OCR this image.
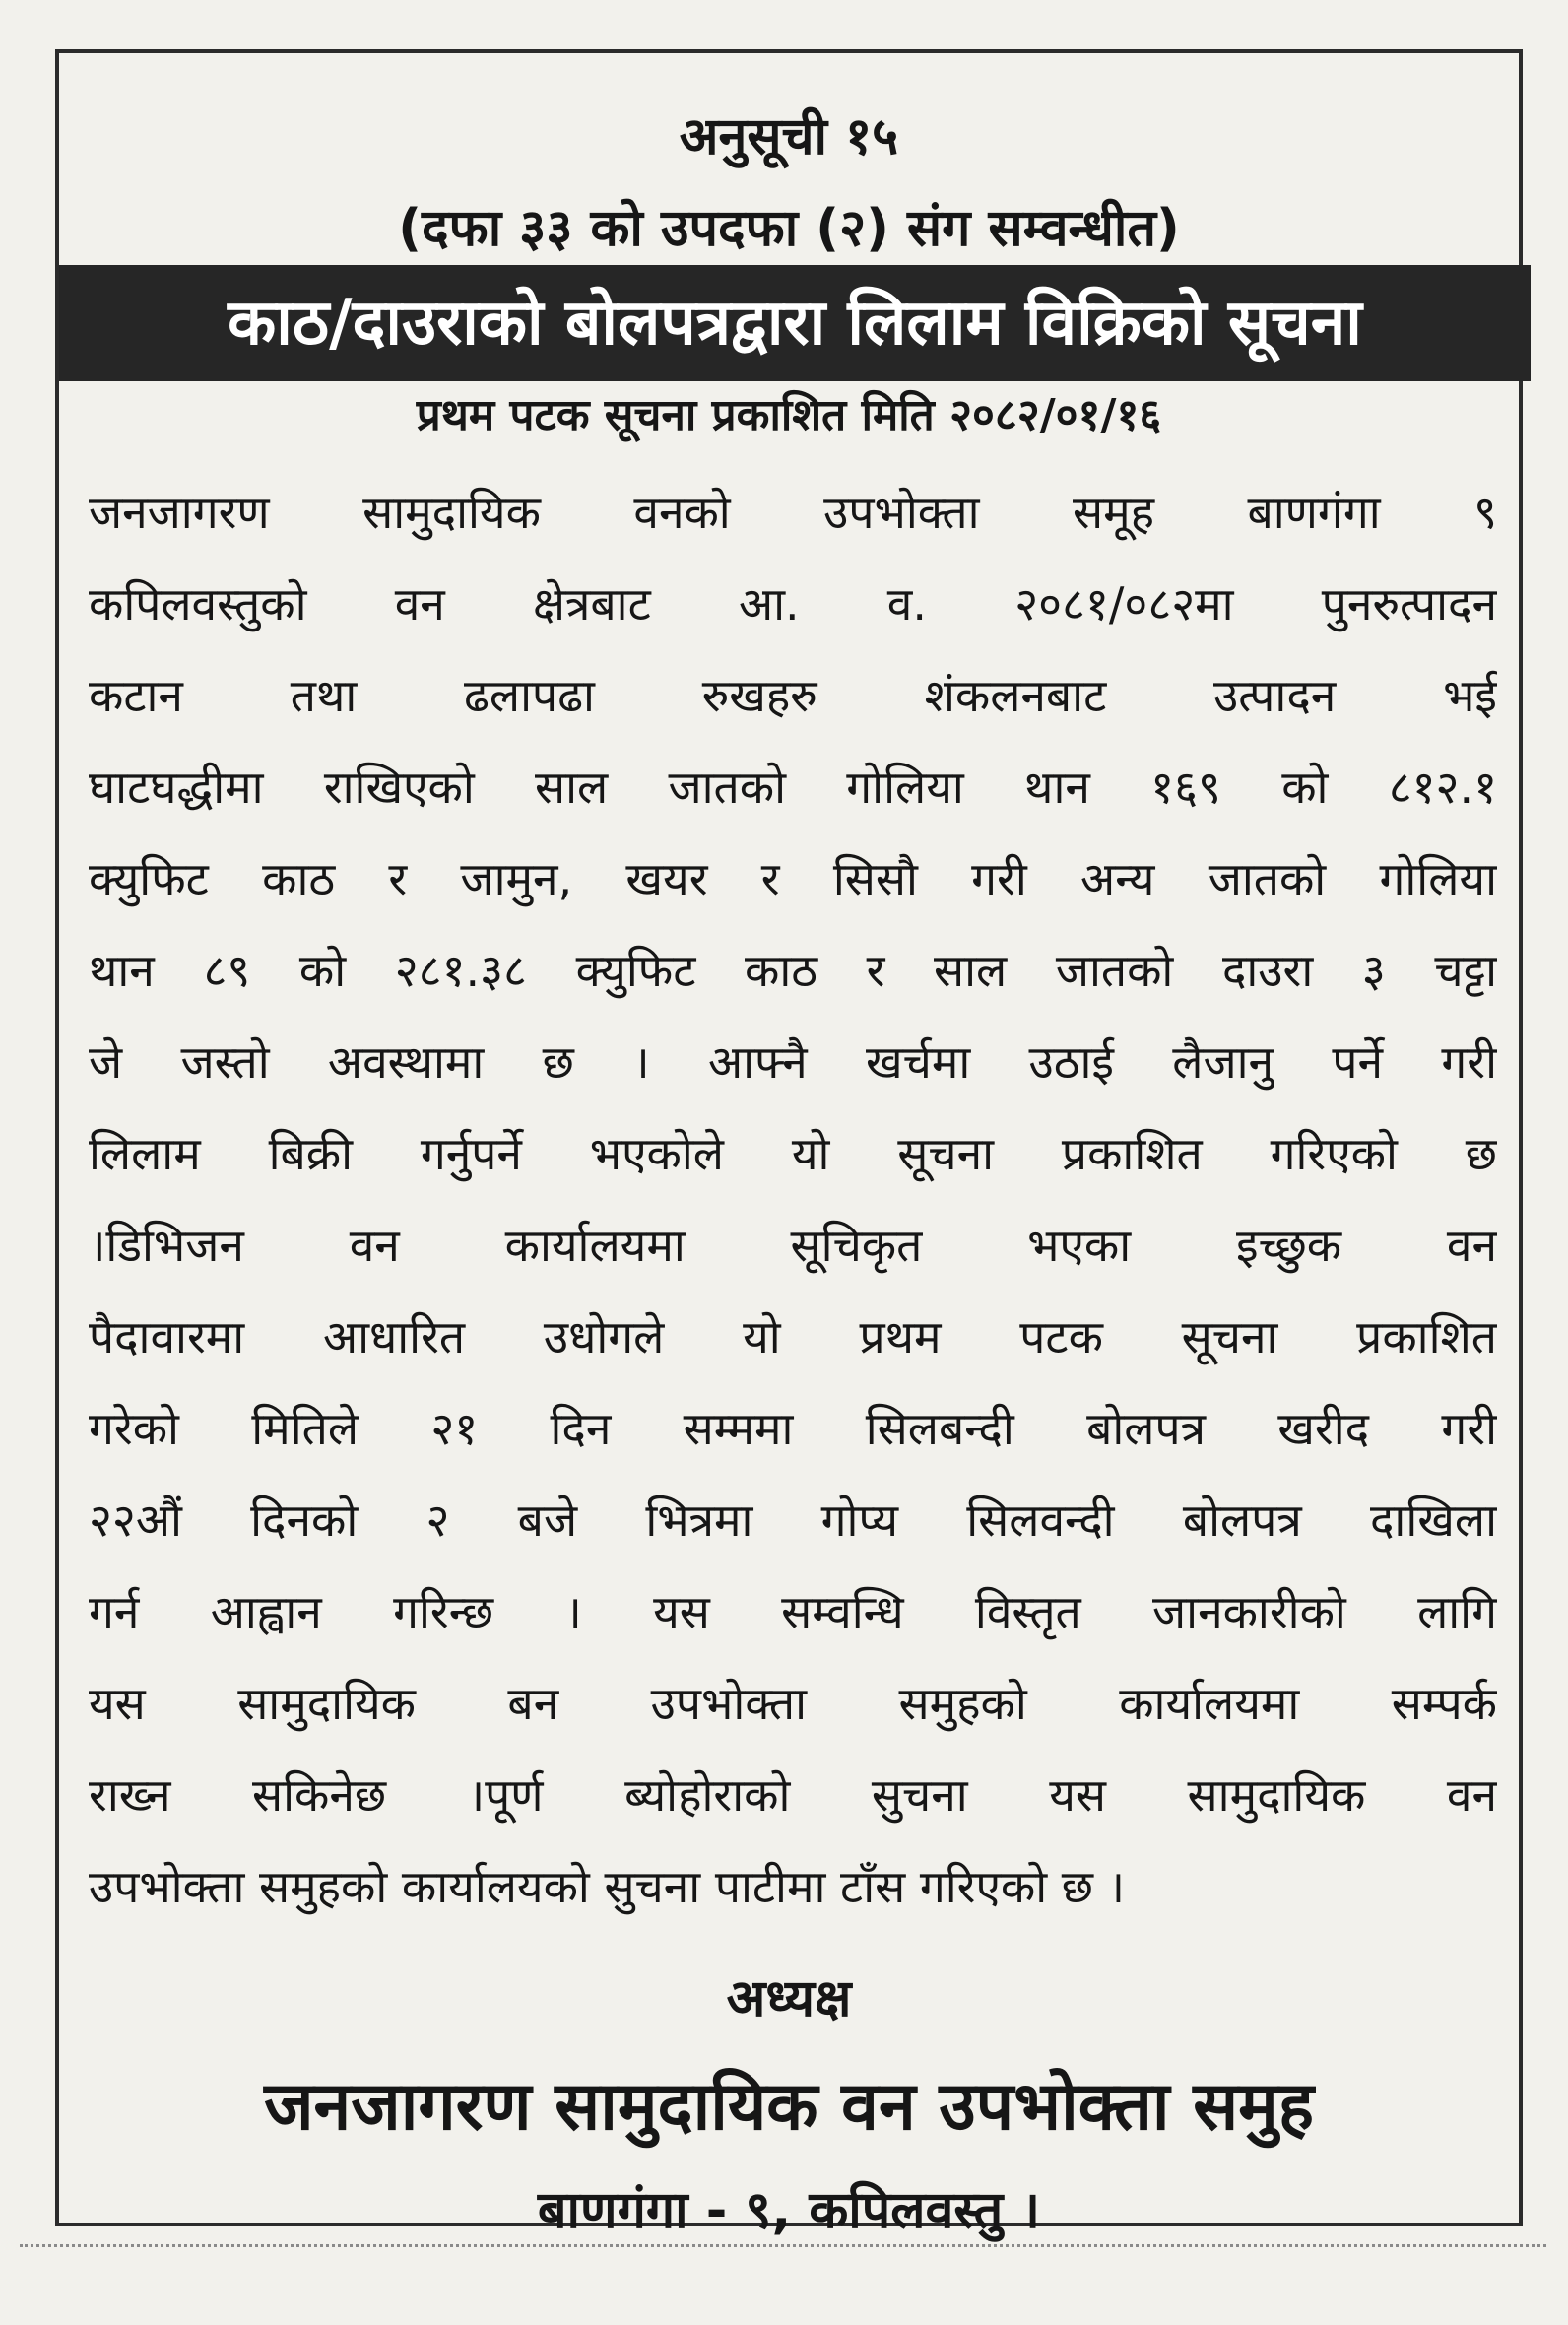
अनुसूची १५
(दफा ३३ को उपदफा (२) संग सम्वन्धीत)
काठ/दाउराको बोलपत्रद्वारा लिलाम विक्रिको सूचना
प्रथम पटक सूचना प्रकाशित मिति २०८२/०१/१६
जनजागरण सामुदायिक वनको उपभोक्ता समूह बाणगंगा ९
कपिलवस्तुको वन क्षेत्रबाट आ. व. २०८१/०८२मा पुनरुत्पादन
कटान तथा ढलापढा रुखहरु शंकलनबाट उत्पादन भई
घाटघद्धीमा राखिएको साल जातको गोलिया थान १६९ को ८१२.१
क्युफिट काठ र जामुन, खयर र सिसौ गरी अन्य जातको गोलिया
थान ८९ को २८१.३८ क्युफिट काठ र साल जातको दाउरा ३ चट्टा
जे जस्तो अवस्थामा छ । आफ्नै खर्चमा उठाई लैजानु पर्ने गरी
लिलाम बिक्री गर्नुपर्ने भएकोले यो सूचना प्रकाशित गरिएको छ
।डिभिजन वन कार्यालयमा सूचिकृत भएका इच्छुक वन
पैदावारमा आधारित उधोगले यो प्रथम पटक सूचना प्रकाशित
गरेको मितिले २१ दिन सम्ममा सिलबन्दी बोलपत्र खरीद गरी
२२औं दिनको २ बजे भित्रमा गोप्य सिलवन्दी बोलपत्र दाखिला
गर्न आह्वान गरिन्छ । यस सम्वन्धि विस्तृत जानकारीको लागि
यस सामुदायिक बन उपभोक्ता समुहको कार्यालयमा सम्पर्क
राख्न सकिनेछ ।पूर्ण ब्योहोराको सुचना यस सामुदायिक वन
उपभोक्ता समुहको कार्यालयको सुचना पाटीमा टाँस गरिएको छ ।
अध्यक्ष
जनजागरण सामुदायिक वन उपभोक्ता समुह
बाणगंगा - ९, कपिलवस्तु ।
